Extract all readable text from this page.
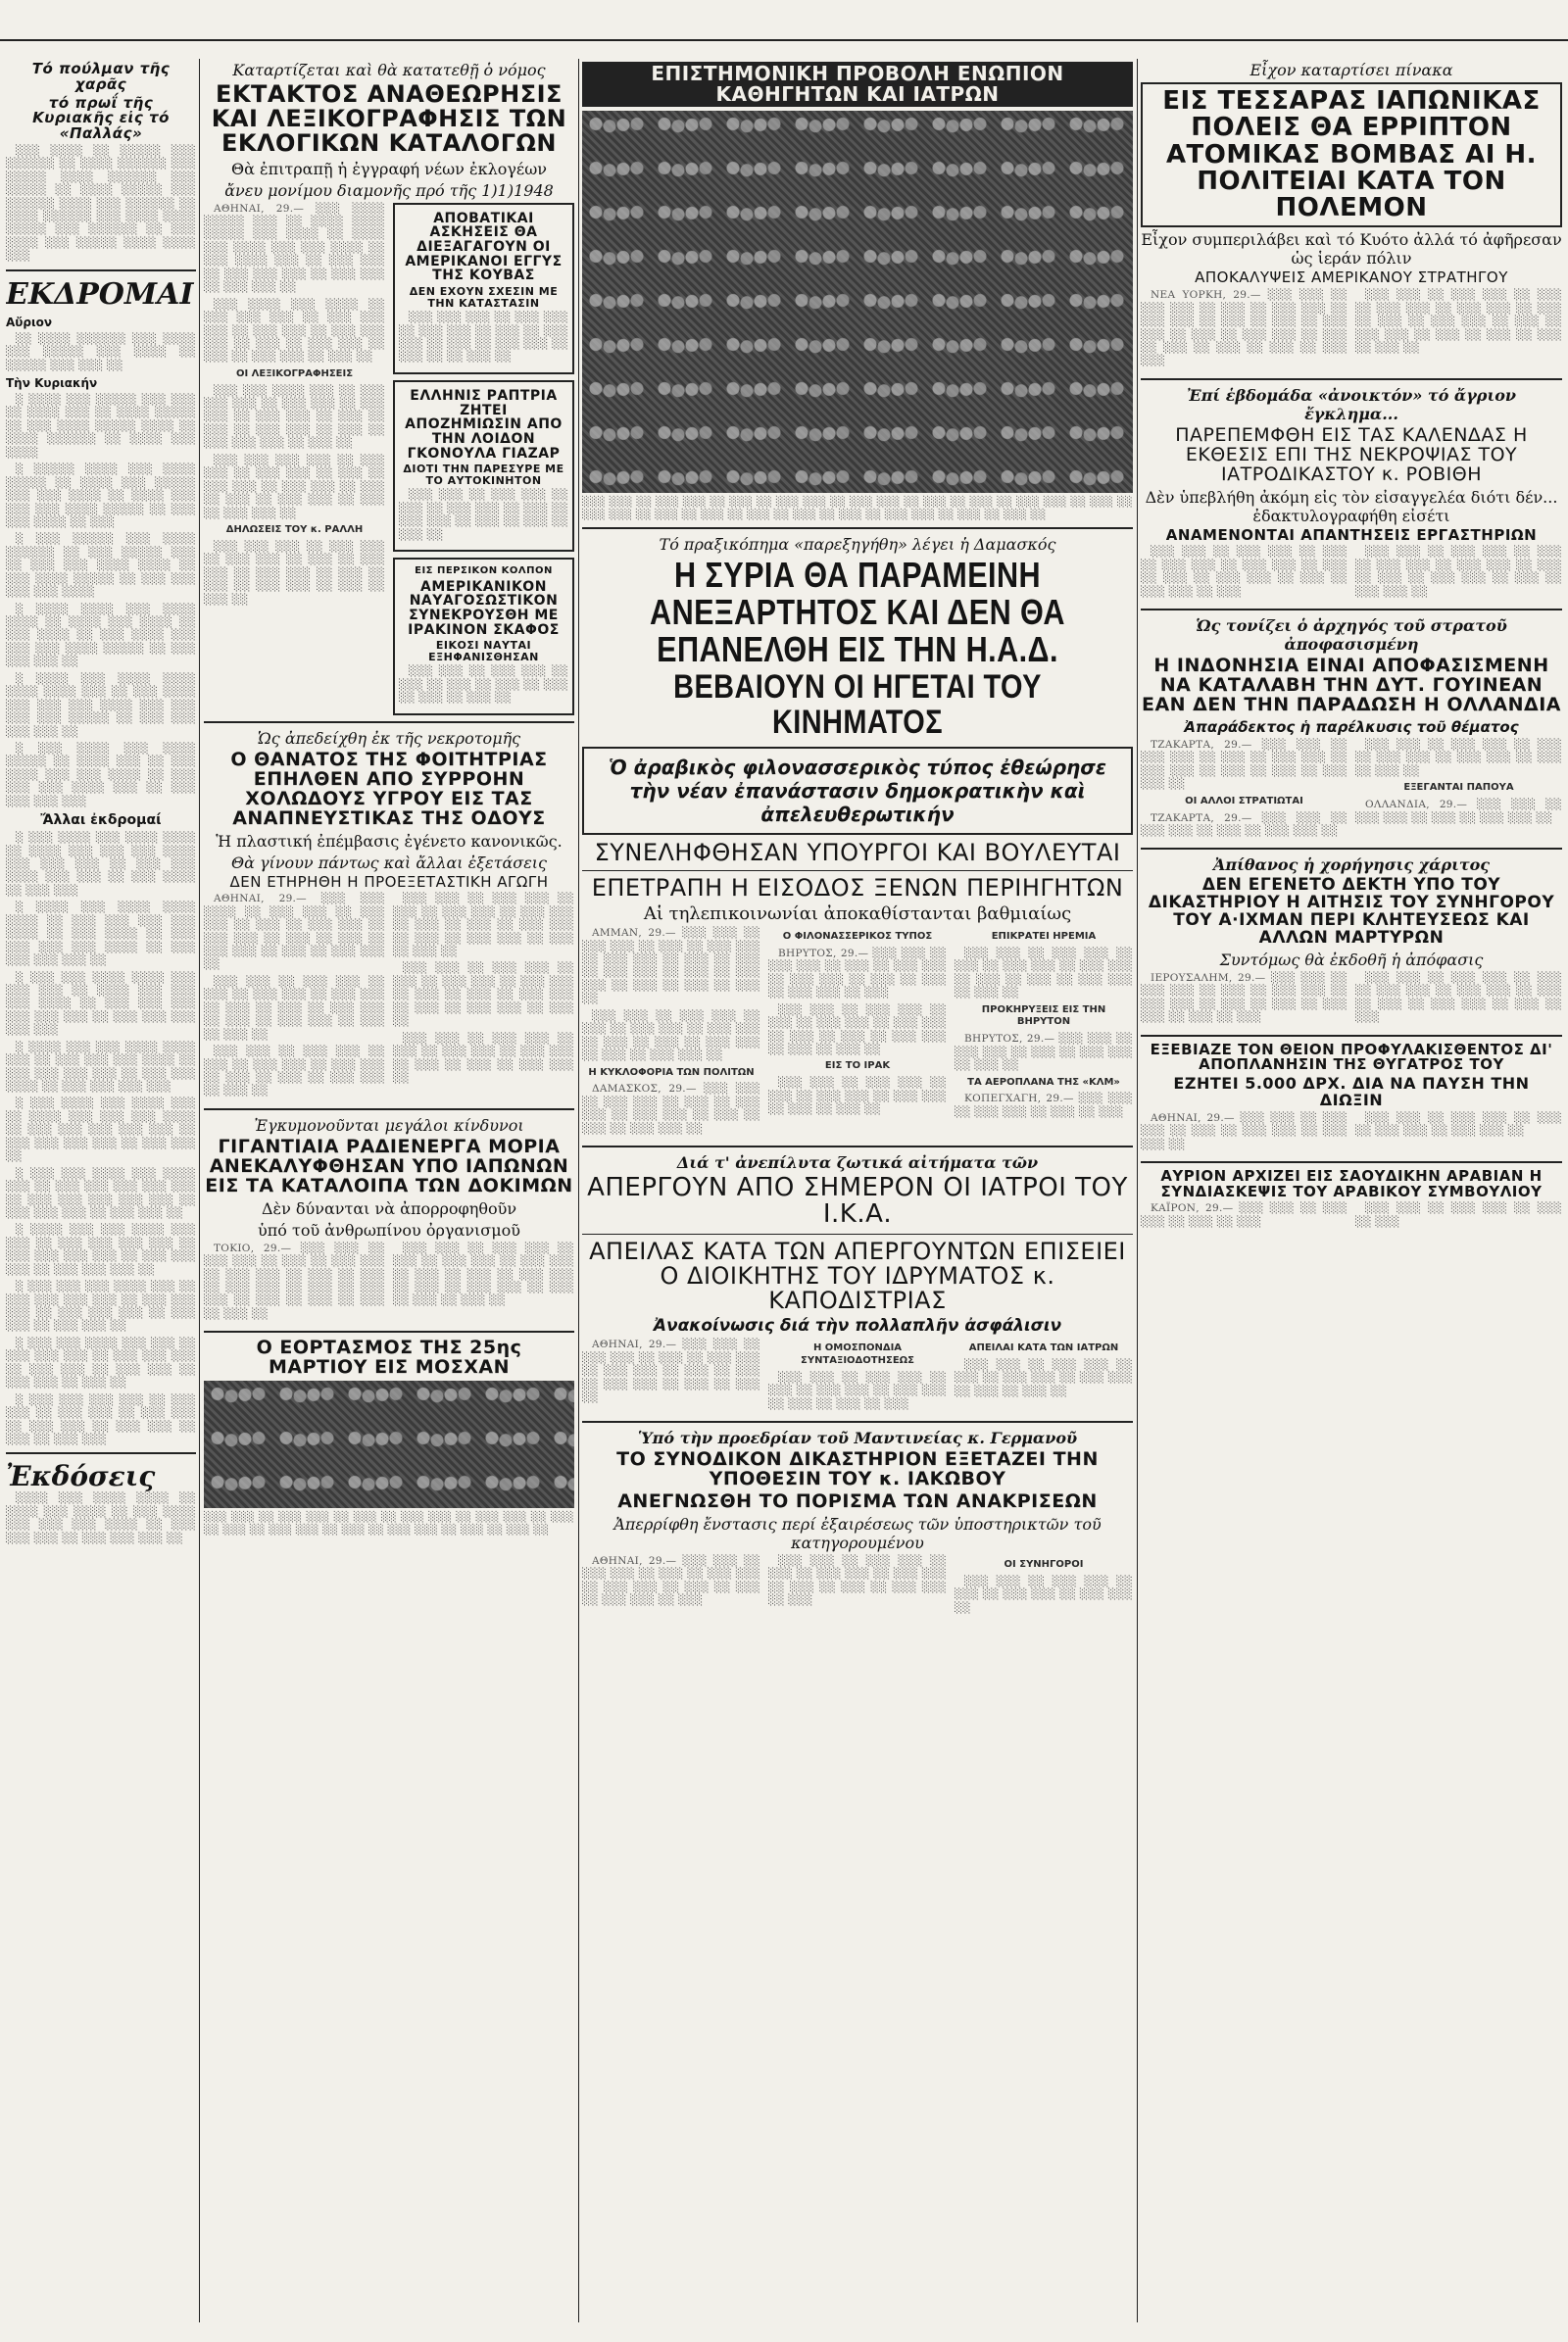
Τό πούλμαν τῆς χαρᾶς
τό πρωΐ τῆς Κυριακῆς εἰς τό «Παλλάς»

░░░ ░░░░ ░░ ░░░░░ ░░░ ░░░░░░ ░░ ░░░░ ░░░░░░ ░░░ ░░░░░ ░░░░ ░░░░░░ ░░░ ░░░░░ ░░ ░░░░ ░░░░░ ░░░ ░░░░░░ ░░░░ ░░░ ░░░░░░ ░░ ░░░░ ░░░░░░ ░░░ ░░░░ ░░░░ ░░░░░ ░░░ ░░░░░░ ░░ ░░░ ░░░░ ░░░ ░░░░░ ░░░░ ░░░░ ░░░

ΕΚΔΡΟΜΑΙ
Αὔριον

░░ ░░░░ ░░░░░░ ░░░ ░░░░ ░░░ ░░░░░ ░░░ ░░░░ ░░ ░░░░░ ░░░ ░░░ ░░

Τὴν Κυριακήν

░ ░░░░ ░░░ ░░░░░ ░░░ ░░░ ░░ ░░░░ ░░░ ░░ ░░░░ ░░░░░ ░░ ░░░ ░░░░ ░░░░░ ░░░░ ░░ ░░░░ ░░░░░░ ░░ ░░░░ ░░░ ░░░░

░ ░░░░░ ░░░░ ░░░ ░░░░ ░░░░░ ░░ ░░░░ ░░░ ░░░░░ ░░░ ░░░ ░░░░ ░░ ░░░░ ░░░ ░░░ ░░░ ░░░░ ░░░░░ ░░ ░░░ ░░░ ░░░░ ░░ ░░░

░ ░░░ ░░░░░ ░░░ ░░░░ ░░░░░░ ░░ ░░░ ░░░░░ ░░░ ░░ ░░░ ░░░ ░░░░ ░░░░ ░░ ░░░ ░░░░ ░░░░░ ░░ ░░░ ░░░ ░░░ ░░░ ░░░░

░ ░░░░ ░░░░ ░░░ ░░░░ ░░░░ ░░ ░░░░ ░░░ ░░░░ ░░ ░░░ ░░░░ ░░ ░░░ ░░░░ ░░░ ░░░ ░░░ ░░░░ ░░░░░ ░░ ░░░ ░░░ ░░░ ░░

░ ░░░░ ░░░ ░░░░ ░░░░ ░░░░ ░░░░ ░░░ ░░ ░░░ ░░░░ ░░░ ░░░ ░░░ ░░░░ ░░░ ░░░ ░░░ ░░░ ░░░░░ ░░ ░░░ ░░░ ░░░ ░░░ ░░

░ ░░░ ░░░░ ░░░ ░░░░ ░░░░░ ░░ ░░░░ ░░░ ░░ ░░░ ░░░░ ░░░ ░░░ ░░░░ ░░ ░░░ ░░░ ░░░ ░░░░ ░░░ ░░ ░░░ ░░░ ░░░ ░░░

Ἄλλαι ἐκδρομαί

░ ░░░ ░░░░ ░░░ ░░░░ ░░░░ ░░ ░░░░ ░░░ ░░░ ░░░ ░░░░ ░░░ ░░░ ░░░ ░░ ░░░ ░░░ ░░░░ ░░░ ░░░ ░░ ░░░ ░░░░ ░░ ░░░ ░░░

░ ░░░░ ░░░ ░░░░ ░░░░ ░░░░ ░░ ░░░ ░░░ ░░░ ░░░ ░░░░ ░░ ░░░ ░░░░ ░░ ░░░ ░░░ ░░░ ░░░ ░░░░ ░░ ░░░ ░░░ ░░░ ░░░ ░░

░ ░░░ ░░░ ░░░░ ░░░░ ░░░ ░░░ ░░░ ░░ ░░░░ ░░░ ░░░ ░░░ ░░░░ ░░ ░░░ ░░░ ░░░ ░░░ ░░░ ░░░ ░░ ░░░ ░░░ ░░░ ░░░ ░░░

░ ░░░░ ░░░ ░░░ ░░░░ ░░░░ ░░░ ░░ ░░░ ░░░ ░░░ ░░░░ ░░ ░░░ ░░░ ░░░ ░░░ ░░ ░░░ ░░░ ░░░░ ░░ ░░░ ░░░ ░░░ ░░░

░ ░░░ ░░░░ ░░░ ░░░░ ░░░ ░░ ░░░░ ░░░ ░░░ ░░░ ░░░░ ░░ ░░░ ░░░ ░░░ ░░░ ░░░ ░░ ░░░ ░░░ ░░░ ░░░ ░░ ░░░ ░░░ ░░

░ ░░░ ░░░ ░░░░ ░░░ ░░░░ ░░░ ░░ ░░░ ░░░ ░░░ ░░░ ░░░ ░░ ░░░ ░░░ ░░░ ░░░ ░░░ ░░ ░░░ ░░░ ░░░ ░░ ░░░ ░░░ ░░

░ ░░░░ ░░░ ░░░ ░░░░ ░░░ ░░░ ░░ ░░░ ░░░ ░░░ ░░░ ░░ ░░░ ░░░ ░░░ ░░░ ░░ ░░░ ░░░ ░░░ ░░ ░░░ ░░░ ░░░ ░░

░ ░░░ ░░░ ░░░ ░░░░ ░░░ ░░ ░░░ ░░░ ░░░ ░░░ ░░ ░░░ ░░░ ░░░ ░░ ░░░ ░░░ ░░░ ░░ ░░░ ░░░ ░░ ░░░ ░░░ ░░

░ ░░░ ░░░ ░░░░ ░░░ ░░░ ░░ ░░░ ░░░ ░░░ ░░ ░░░ ░░░ ░░░ ░░ ░░░ ░░░ ░░ ░░░ ░░░ ░░ ░░░ ░░░ ░░ ░░░ ░░

░ ░░░ ░░░ ░░░ ░░░ ░░ ░░░ ░░░ ░░ ░░░ ░░░ ░░ ░░░ ░░░ ░░ ░░░ ░░░ ░░ ░░░ ░░░ ░░ ░░░ ░░ ░░░ ░░░

Ἐκδόσεις

░░░░ ░░░ ░░░░ ░░░░ ░░ ░░░░ ░░░ ░░░░ ░░ ░░░ ░░░░ ░░░ ░░░ ░░░ ░░░░ ░░ ░░░ ░░░ ░░░ ░░ ░░░ ░░░ ░░░ ░░

Καταρτίζεται καὶ θὰ κατατεθῇ ὁ νόμος
ΕΚΤΑΚΤΟΣ ΑΝΑΘΕΩΡΗΣΙΣ ΚΑΙ ΛΕΞΙΚΟΓΡΑΦΗΣΙΣ ΤΩΝ ΕΚΛΟΓΙΚΩΝ ΚΑΤΑΛΟΓΩΝ
Θὰ ἐπιτραπῇ ἡ ἐγγραφή νέων ἐκλογέων
ἄνευ μονίμου διαμονῆς πρό τῆς 1)1)1948

ΑΘΗΝΑΙ, 29.— ░░░ ░░░░ ░░░░░ ░░░ ░░ ░░░░ ░░░░ ░░░░░ ░░░ ░░░░ ░░ ░░░░ ░░░ ░░░░ ░░░ ░░░ ░░░░ ░░ ░░░ ░░░░ ░░░ ░░ ░░░ ░░░ ░░ ░░░ ░░░ ░░░ ░░ ░░░ ░░░ ░░ ░░░ ░░░ ░░

░░░ ░░░░ ░░░ ░░░░ ░░ ░░░ ░░░ ░░░ ░░ ░░░ ░░░ ░░░ ░░ ░░░ ░░░ ░░ ░░░ ░░░ ░░░ ░░ ░░░ ░░ ░░░ ░░░ ░░ ░░░ ░░ ░░░ ░░░ ░░ ░░░ ░░

ΟΙ ΛΕΞΙΚΟΓΡΑΦΗΣΕΙΣ

░░░ ░░░ ░░░░ ░░░ ░░ ░░░ ░░░ ░░░ ░░ ░░░ ░░░ ░░ ░░░ ░░░ ░░ ░░░ ░░░ ░░ ░░░ ░░ ░░░ ░░ ░░░ ░░░ ░░ ░░░ ░░ ░░░ ░░░ ░░░ ░░ ░░░ ░░

░░░ ░░░ ░░░ ░░░ ░░ ░░░ ░░░ ░░ ░░░ ░░░ ░░ ░░░ ░░ ░░░ ░░░ ░░ ░░░ ░░░ ░░ ░░░ ░░ ░░░ ░░ ░░░ ░░░ ░░ ░░░ ░░ ░░░ ░░░ ░░

ΔΗΛΩΣΕΙΣ ΤΟΥ κ. ΡΑΛΛΗ

░░░ ░░░ ░░░ ░░ ░░░ ░░░ ░░ ░░░ ░░░ ░░ ░░░ ░░ ░░░ ░░░ ░░ ░░░ ░░░ ░░ ░░░ ░░ ░░░ ░░ ░░░ ░░░ ░░ ░░░ ░░ ░░░ ░░

ΑΠΟΒΑΤΙΚΑΙ ΑΣΚΗΣΕΙΣ ΘΑ ΔΙΕΞΑΓΑΓΟΥΝ ΟΙ ΑΜΕΡΙΚΑΝΟΙ ΕΓΓΥΣ ΤΗΣ ΚΟΥΒΑΣ
ΔΕΝ ΕΧΟΥΝ ΣΧΕΣΙΝ ΜΕ ΤΗΝ ΚΑΤΑΣΤΑΣΙΝ

░░░ ░░░ ░░░ ░░ ░░░ ░░░ ░░ ░░░ ░░░ ░░ ░░░ ░░ ░░░ ░░░ ░░ ░░░ ░░ ░░░ ░░░ ░░ ░░░ ░░ ░░ ░░░ ░░

ΕΛΛΗΝΙΣ ΡΑΠΤΡΙΑ ΖΗΤΕΙ ΑΠΟΖΗΜΙΩΣΙΝ ΑΠΟ ΤΗΝ ΛΟΙΔΟΝ ΓΚΟΝΟΥΛΑ ΓΙΑΖΑΡ
ΔΙΟΤΙ ΤΗΝ ΠΑΡΕΣΥΡΕ ΜΕ ΤΟ ΑΥΤΟΚΙΝΗΤΟΝ

░░░ ░░░ ░░ ░░░ ░░░ ░░ ░░░ ░░ ░░░ ░░░ ░░ ░░░ ░░ ░░░ ░░░ ░░ ░░░ ░░ ░░░ ░░ ░░░ ░░

ΕΙΣ ΠΕΡΣΙΚΟΝ ΚΟΛΠΟΝ
ΑΜΕΡΙΚΑΝΙΚΟΝ ΝΑΥΑΓΟΣΩΣΤΙΚΟΝ ΣΥΝΕΚΡΟΥΣΘΗ ΜΕ ΙΡΑΚΙΝΟΝ ΣΚΑΦΟΣ
ΕΙΚΟΣΙ ΝΑΥΤΑΙ ΕΞΗΦΑΝΙΣΘΗΣΑΝ

░░░ ░░░ ░░ ░░░ ░░░ ░░ ░░░ ░░ ░░░ ░░ ░░░ ░░ ░░░ ░░ ░░░ ░░ ░░░ ░░

Ὡς ἀπεδείχθη ἐκ τῆς νεκροτομῆς
Ο ΘΑΝΑΤΟΣ ΤΗΣ ΦΟΙΤΗΤΡΙΑΣ ΕΠΗΛΘΕΝ ΑΠΟ ΣΥΡΡΟΗΝ ΧΟΛΩΔΟΥΣ ΥΓΡΟΥ ΕΙΣ ΤΑΣ ΑΝΑΠΝΕΥΣΤΙΚΑΣ ΤΗΣ ΟΔΟΥΣ
Ἡ πλαστική ἐπέμβασις ἐγένετο κανονικῶς.
Θὰ γίνουν πάντως καὶ ἄλλαι ἐξετάσεις
ΔΕΝ ΕΤΗΡΗΘΗ Η ΠΡΟΕΞΕΤΑΣΤΙΚΗ ΑΓΩΓΗ

ΑΘΗΝΑΙ, 29.— ░░░ ░░░ ░░░░ ░░ ░░░ ░░░ ░░ ░░░ ░░░ ░░ ░░░ ░░ ░░░ ░░░ ░░ ░░░ ░░░ ░░ ░░░ ░░ ░░░ ░░ ░░░ ░░░ ░░ ░░░ ░░ ░░░ ░░░ ░░

░░░ ░░░ ░░ ░░░ ░░░ ░░ ░░░ ░░ ░░░ ░░░ ░░ ░░░ ░░░ ░░ ░░░ ░░ ░░░ ░░ ░░░ ░░░ ░░ ░░░ ░░ ░░░ ░░░ ░░ ░░░ ░░ ░░░ ░░

░░░ ░░░ ░░ ░░░ ░░░ ░░ ░░░ ░░ ░░░ ░░░ ░░ ░░░ ░░░ ░░ ░░░ ░░ ░░░ ░░ ░░░ ░░░ ░░ ░░░ ░░

░░░ ░░░ ░░ ░░░ ░░░ ░░ ░░░ ░░ ░░░ ░░░ ░░ ░░░ ░░░ ░░ ░░░ ░░ ░░░ ░░ ░░░ ░░░ ░░ ░░░ ░░ ░░░ ░░░ ░░ ░░░ ░░ ░░░ ░░

░░░ ░░░ ░░ ░░░ ░░░ ░░ ░░░ ░░ ░░░ ░░░ ░░ ░░░ ░░░ ░░ ░░░ ░░ ░░░ ░░ ░░░ ░░░ ░░ ░░░ ░░ ░░░ ░░░ ░░ ░░░ ░░

░░░ ░░░ ░░ ░░░ ░░░ ░░ ░░░ ░░ ░░░ ░░░ ░░ ░░░ ░░░ ░░ ░░░ ░░ ░░░ ░░ ░░░ ░░░ ░░

Ἐγκυμονοῦνται μεγάλοι κίνδυνοι
ΓΙΓΑΝΤΙΑΙΑ ΡΑΔΙΕΝΕΡΓΑ ΜΟΡΙΑ ΑΝΕΚΑΛΥΦΘΗΣΑΝ ΥΠΟ ΙΑΠΩΝΩΝ ΕΙΣ ΤΑ ΚΑΤΑΛΟΙΠΑ ΤΩΝ ΔΟΚΙΜΩΝ
Δὲν δύνανται νὰ ἀπορροφηθοῦν
ὑπό τοῦ ἀνθρωπίνου ὀργανισμοῦ

ΤΟΚΙΟ, 29.— ░░░ ░░░ ░░ ░░░ ░░░ ░░ ░░░ ░░ ░░░ ░░░ ░░ ░░░ ░░░ ░░ ░░░ ░░ ░░░ ░░ ░░░ ░░░ ░░ ░░░ ░░ ░░░ ░░░ ░░ ░░░ ░░ ░░░ ░░ ░░░ ░░ ░░░ ░░

░░░ ░░░ ░░ ░░░ ░░░ ░░ ░░░ ░░ ░░░ ░░░ ░░ ░░░ ░░░ ░░ ░░░ ░░ ░░░ ░░ ░░░ ░░░ ░░ ░░░ ░░ ░░░ ░░░ ░░ ░░░ ░░ ░░░ ░░ ░░░ ░░

Ο ΕΟΡΤΑΣΜΟΣ ΤΗΣ 25ης ΜΑΡΤΙΟΥ ΕΙΣ ΜΟΣΧΑΝ
░░░ ░░░ ░░ ░░░ ░░░ ░░ ░░░ ░░ ░░░ ░░░ ░░ ░░░ ░░░ ░░ ░░░ ░░ ░░░ ░░ ░░░ ░░░ ░░ ░░░ ░░ ░░░ ░░░ ░░ ░░░ ░░ ░░░ ░░
ΕΠΙΣΤΗΜΟΝΙΚΗ ΠΡΟΒΟΛΗ ΕΝΩΠΙΟΝ ΚΑΘΗΓΗΤΩΝ ΚΑΙ ΙΑΤΡΩΝ
░░░ ░░░ ░░ ░░░ ░░░ ░░ ░░░ ░░ ░░░ ░░░ ░░ ░░░ ░░░ ░░ ░░░ ░░ ░░░ ░░ ░░░ ░░░ ░░ ░░░ ░░ ░░░ ░░░ ░░ ░░░ ░░ ░░░ ░░ ░░░ ░░ ░░░ ░░ ░░░ ░░ ░░░ ░░░ ░░ ░░░ ░░ ░░░ ░░
Τό πραξικόπημα «παρεξηγήθη» λέγει ἡ Δαμασκός
Η ΣΥΡΙΑ ΘΑ ΠΑΡΑΜΕΙΝΗ ΑΝΕΞΑΡΤΗΤΟΣ ΚΑΙ ΔΕΝ ΘΑ ΕΠΑΝΕΛΘΗ ΕΙΣ ΤΗΝ Η.Α.Δ.
ΒΕΒΑΙΟΥΝ ΟΙ ΗΓΕΤΑΙ ΤΟΥ ΚΙΝΗΜΑΤΟΣ
Ὁ ἀραβικὸς φιλονασσερικὸς τύπος ἐθεώρησε τὴν νέαν ἐπανάστασιν δημοκρατικὴν καὶ ἀπελευθερωτικήν
ΣΥΝΕΛΗΦΘΗΣΑΝ ΥΠΟΥΡΓΟΙ ΚΑΙ ΒΟΥΛΕΥΤΑΙ
ΕΠΕΤΡΑΠΗ Η ΕΙΣΟΔΟΣ ΞΕΝΩΝ ΠΕΡΙΗΓΗΤΩΝ
Αἱ τηλεπικοινωνίαι ἀποκαθίστανται βαθμιαίως

ΑΜΜΑΝ, 29.— ░░░ ░░░ ░░ ░░░ ░░░ ░░ ░░░ ░░ ░░░ ░░░ ░░ ░░░ ░░░ ░░ ░░░ ░░ ░░░ ░░ ░░░ ░░░ ░░ ░░░ ░░ ░░░ ░░░ ░░ ░░░ ░░ ░░░ ░░ ░░░ ░░

░░░ ░░░ ░░ ░░░ ░░░ ░░ ░░░ ░░ ░░░ ░░░ ░░ ░░░ ░░░ ░░ ░░░ ░░ ░░░ ░░ ░░░ ░░░ ░░ ░░░ ░░ ░░░ ░░░ ░░

Η ΚΥΚΛΟΦΟΡΙΑ ΤΩΝ ΠΟΛΙΤΩΝ

ΔΑΜΑΣΚΟΣ, 29.— ░░░ ░░░ ░░ ░░░ ░░░ ░░ ░░░ ░░ ░░░ ░░░ ░░ ░░░ ░░░ ░░ ░░░ ░░ ░░░ ░░ ░░░ ░░░ ░░

Ο ΦΙΛΟΝΑΣΣΕΡΙΚΟΣ ΤΥΠΟΣ

ΒΗΡΥΤΟΣ, 29.— ░░░ ░░░ ░░ ░░░ ░░░ ░░ ░░░ ░░ ░░░ ░░░ ░░ ░░░ ░░░ ░░ ░░░ ░░ ░░░ ░░ ░░░ ░░░ ░░ ░░░

░░░ ░░░ ░░ ░░░ ░░░ ░░ ░░░ ░░ ░░░ ░░░ ░░ ░░░ ░░░ ░░ ░░░ ░░ ░░░ ░░ ░░░ ░░░ ░░ ░░░ ░░ ░░░ ░░

ΕΙΣ ΤΟ ΙΡΑΚ

░░░ ░░░ ░░ ░░░ ░░░ ░░ ░░░ ░░ ░░░ ░░░ ░░ ░░░ ░░░ ░░ ░░░ ░░ ░░░ ░░

ΕΠΙΚΡΑΤΕΙ ΗΡΕΜΙΑ

░░░ ░░░ ░░ ░░░ ░░░ ░░ ░░░ ░░ ░░░ ░░░ ░░ ░░░ ░░░ ░░ ░░░ ░░ ░░░ ░░ ░░░ ░░░ ░░ ░░░ ░░

ΠΡΟΚΗΡΥΞΕΙΣ ΕΙΣ ΤΗΝ ΒΗΡΥΤΟΝ

ΒΗΡΥΤΟΣ, 29.— ░░░ ░░░ ░░ ░░░ ░░░ ░░ ░░░ ░░ ░░░ ░░░ ░░ ░░░ ░░

ΤΑ ΑΕΡΟΠΛΑΝΑ ΤΗΣ «ΚΛΜ»

ΚΟΠΕΓΧΑΓΗ, 29.— ░░░ ░░░ ░░ ░░░ ░░░ ░░ ░░░ ░░ ░░░

Διά τ' ἀνεπίλυτα ζωτικά αἰτήματα τῶν
ΑΠΕΡΓΟΥΝ ΑΠΟ ΣΗΜΕΡΟΝ ΟΙ ΙΑΤΡΟΙ ΤΟΥ Ι.Κ.Α.
ΑΠΕΙΛΑΣ ΚΑΤΑ ΤΩΝ ΑΠΕΡΓΟΥΝΤΩΝ ΕΠΙΣΕΙΕΙ Ο ΔΙΟΙΚΗΤΗΣ ΤΟΥ ΙΔΡΥΜΑΤΟΣ κ. ΚΑΠΟΔΙΣΤΡΙΑΣ
Ἀνακοίνωσις διά τὴν πολλαπλῆν ἀσφάλισιν

ΑΘΗΝΑΙ, 29.— ░░░ ░░░ ░░ ░░░ ░░░ ░░ ░░░ ░░ ░░░ ░░░ ░░ ░░░ ░░░ ░░ ░░░ ░░ ░░░ ░░ ░░░ ░░░ ░░ ░░░ ░░ ░░░ ░░

Η ΟΜΟΣΠΟΝΔΙΑ ΣΥΝΤΑΞΙΟΔΟΤΗΣΕΩΣ

░░░ ░░░ ░░ ░░░ ░░░ ░░ ░░░ ░░ ░░░ ░░░ ░░ ░░░ ░░░ ░░ ░░░ ░░ ░░░ ░░ ░░░

ΑΠΕΙΛΑΙ ΚΑΤΑ ΤΩΝ ΙΑΤΡΩΝ

░░░ ░░░ ░░ ░░░ ░░░ ░░ ░░░ ░░ ░░░ ░░░ ░░ ░░░ ░░░ ░░ ░░░ ░░ ░░░ ░░

Ὑπό τὴν προεδρίαν τοῦ Μαντινείας κ. Γερμανοῦ
ΤΟ ΣΥΝΟΔΙΚΟΝ ΔΙΚΑΣΤΗΡΙΟΝ ΕΞΕΤΑΖΕΙ ΤΗΝ ΥΠΟΘΕΣΙΝ ΤΟΥ κ. ΙΑΚΩΒΟΥ
ΑΝΕΓΝΩΣΘΗ ΤΟ ΠΟΡΙΣΜΑ ΤΩΝ ΑΝΑΚΡΙΣΕΩΝ
Ἀπερρίφθη ἔνστασις περί ἐξαιρέσεως τῶν ὑποστηρικτῶν τοῦ κατηγορουμένου

ΑΘΗΝΑΙ, 29.— ░░░ ░░░ ░░ ░░░ ░░░ ░░ ░░░ ░░ ░░░ ░░░ ░░ ░░░ ░░░ ░░ ░░░ ░░ ░░░ ░░ ░░░ ░░░ ░░ ░░░

░░░ ░░░ ░░ ░░░ ░░░ ░░ ░░░ ░░ ░░░ ░░░ ░░ ░░░ ░░░ ░░ ░░░ ░░ ░░░ ░░ ░░░ ░░░ ░░ ░░░

ΟΙ ΣΥΝΗΓΟΡΟΙ

░░░ ░░░ ░░ ░░░ ░░░ ░░ ░░░ ░░ ░░░ ░░░ ░░ ░░░ ░░░ ░░

Εἶχον καταρτίσει πίνακα
ΕΙΣ ΤΕΣΣΑΡΑΣ ΙΑΠΩΝΙΚΑΣ ΠΟΛΕΙΣ ΘΑ ΕΡΡΙΠΤΟΝ ΑΤΟΜΙΚΑΣ ΒΟΜΒΑΣ ΑΙ Η. ΠΟΛΙΤΕΙΑΙ ΚΑΤΑ ΤΟΝ ΠΟΛΕΜΟΝ
Εἶχον συμπεριλάβει καὶ τό Κυότο ἀλλά τό ἀφῆρεσαν ὡς ἱεράν πόλιν
ΑΠΟΚΑΛΥΨΕΙΣ ΑΜΕΡΙΚΑΝΟΥ ΣΤΡΑΤΗΓΟΥ

ΝΕΑ ΥΟΡΚΗ, 29.— ░░░ ░░░ ░░ ░░░ ░░░ ░░ ░░░ ░░ ░░░ ░░░ ░░ ░░░ ░░░ ░░ ░░░ ░░ ░░░ ░░ ░░░ ░░░ ░░ ░░░ ░░ ░░░ ░░░ ░░ ░░░ ░░ ░░░ ░░ ░░░ ░░ ░░░ ░░ ░░░ ░░░

░░░ ░░░ ░░ ░░░ ░░░ ░░ ░░░ ░░ ░░░ ░░░ ░░ ░░░ ░░░ ░░ ░░░ ░░ ░░░ ░░ ░░░ ░░░ ░░ ░░░ ░░ ░░░ ░░░ ░░ ░░░ ░░ ░░░ ░░ ░░░ ░░ ░░░ ░░

Ἐπί ἑβδομάδα «ἀνοικτόν» τό ἄγριον ἔγκλημα...
ΠΑΡΕΠΕΜΦΘΗ ΕΙΣ ΤΑΣ ΚΑΛΕΝΔΑΣ Η ΕΚΘΕΣΙΣ ΕΠΙ ΤΗΣ ΝΕΚΡΟΨΙΑΣ ΤΟΥ ΙΑΤΡΟΔΙΚΑΣΤΟΥ κ. ΡΟΒΙΘΗ
Δὲν ὑπεβλήθη ἀκόμη εἰς τὸν εἰσαγγελέα διότι δέν... ἐδακτυλογραφήθη εἰσέτι
ΑΝΑΜΕΝΟΝΤΑΙ ΑΠΑΝΤΗΣΕΙΣ ΕΡΓΑΣΤΗΡΙΩΝ

░░░ ░░░ ░░ ░░░ ░░░ ░░ ░░░ ░░ ░░░ ░░░ ░░ ░░░ ░░░ ░░ ░░░ ░░ ░░░ ░░ ░░░ ░░░ ░░ ░░░ ░░ ░░░ ░░░ ░░ ░░░

░░░ ░░░ ░░ ░░░ ░░░ ░░ ░░░ ░░ ░░░ ░░░ ░░ ░░░ ░░░ ░░ ░░░ ░░ ░░░ ░░ ░░░ ░░░ ░░ ░░░ ░░ ░░░ ░░░ ░░

Ὡς τονίζει ὁ ἀρχηγός τοῦ στρατοῦ ἀποφασισμένη
Η ΙΝΔΟΝΗΣΙΑ ΕΙΝΑΙ ΑΠΟΦΑΣΙΣΜΕΝΗ ΝΑ ΚΑΤΑΛΑΒΗ ΤΗΝ ΔΥΤ. ΓΟΥΙΝΕΑΝ ΕΑΝ ΔΕΝ ΤΗΝ ΠΑΡΑΔΩΣΗ Η ΟΛΛΑΝΔΙΑ
Ἀπαράδεκτος ἡ παρέλκυσις τοῦ θέματος

ΤΖΑΚΑΡΤΑ, 29.— ░░░ ░░░ ░░ ░░░ ░░░ ░░ ░░░ ░░ ░░░ ░░░ ░░ ░░░ ░░░ ░░ ░░░ ░░ ░░░ ░░ ░░░ ░░░ ░░

ΟΙ ΑΛΛΟΙ ΣΤΡΑΤΙΩΤΑΙ

ΤΖΑΚΑΡΤΑ, 29.— ░░░ ░░░ ░░ ░░░ ░░░ ░░ ░░░ ░░ ░░░ ░░░ ░░

░░░ ░░░ ░░ ░░░ ░░░ ░░ ░░░ ░░ ░░░ ░░░ ░░ ░░░ ░░░ ░░ ░░░ ░░ ░░░ ░░

ΕΞΕΓΑΝΤΑΙ ΠΑΠΟΥΑ

ΟΛΛΑΝΔΙΑ, 29.— ░░░ ░░░ ░░ ░░░ ░░░ ░░ ░░░ ░░ ░░░ ░░░ ░░

Ἀπίθανος ἡ χορήγησις χάριτος
ΔΕΝ ΕΓΕΝΕΤΟ ΔΕΚΤΗ ΥΠΟ ΤΟΥ ΔΙΚΑΣΤΗΡΙΟΥ Η ΑΙΤΗΣΙΣ ΤΟΥ ΣΥΝΗΓΟΡΟΥ ΤΟΥ Α·ΙΧΜΑΝ ΠΕΡΙ ΚΛΗΤΕΥΣΕΩΣ ΚΑΙ ΑΛΛΩΝ ΜΑΡΤΥΡΩΝ
Συντόμως θὰ ἐκδοθῆ ἡ ἀπόφασις

ΙΕΡΟΥΣΑΛΗΜ, 29.— ░░░ ░░░ ░░ ░░░ ░░░ ░░ ░░░ ░░ ░░░ ░░░ ░░ ░░░ ░░░ ░░ ░░░ ░░ ░░░ ░░ ░░░ ░░░ ░░ ░░░ ░░ ░░░

░░░ ░░░ ░░ ░░░ ░░░ ░░ ░░░ ░░ ░░░ ░░░ ░░ ░░░ ░░░ ░░ ░░░ ░░ ░░░ ░░ ░░░ ░░░ ░░ ░░░ ░░ ░░░

ΕΞΕΒΙΑΖΕ ΤΟΝ ΘΕΙΟΝ ΠΡΟΦΥΛΑΚΙΣΘΕΝΤΟΣ ΔΙ' ΑΠΟΠΛΑΝΗΣΙΝ ΤΗΣ ΘΥΓΑΤΡΟΣ ΤΟΥ
ΕΖΗΤΕΙ 5.000 ΔΡΧ. ΔΙΑ ΝΑ ΠΑΥΣΗ ΤΗΝ ΔΙΩΞΙΝ

ΑΘΗΝΑΙ, 29.— ░░░ ░░░ ░░ ░░░ ░░░ ░░ ░░░ ░░ ░░░ ░░░ ░░ ░░░ ░░░ ░░

░░░ ░░░ ░░ ░░░ ░░░ ░░ ░░░ ░░ ░░░ ░░░ ░░ ░░░ ░░░ ░░

ΑΥΡΙΟΝ ΑΡΧΙΖΕΙ ΕΙΣ ΣΑΟΥΔΙΚΗΝ ΑΡΑΒΙΑΝ Η ΣΥΝΔΙΑΣΚΕΨΙΣ ΤΟΥ ΑΡΑΒΙΚΟΥ ΣΥΜΒΟΥΛΙΟΥ

ΚΑΪΡΟΝ, 29.— ░░░ ░░░ ░░ ░░░ ░░░ ░░ ░░░ ░░ ░░░

░░░ ░░░ ░░ ░░░ ░░░ ░░ ░░░ ░░ ░░░
